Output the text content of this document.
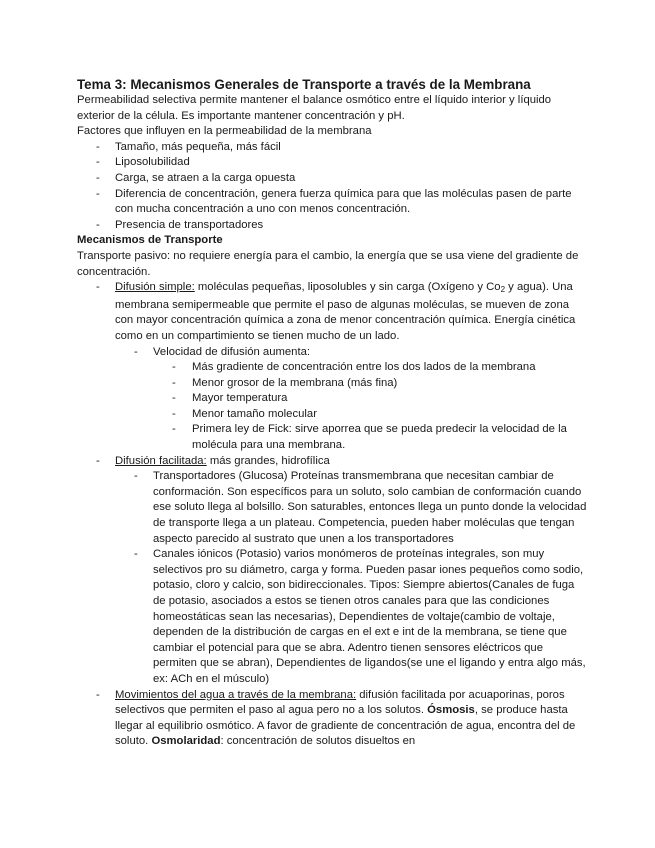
Tema 3: Mecanismos Generales de Transporte a través de la Membrana

Permeabilidad selectiva permite mantener el balance osmótico entre el líquido interior y líquido exterior de la célula. Es importante mantener concentración y pH.

Factores que influyen en la permeabilidad de la membrana

- Tamaño, más pequeña, más fácil
- Liposolubilidad
- Carga, se atraen a la carga opuesta
- Diferencia de concentración, genera fuerza química para que las moléculas pasen de parte con mucha concentración a uno con menos concentración.
- Presencia de transportadores

Mecanismos de Transporte

Transporte pasivo: no requiere energía para el cambio, la energía que se usa viene del gradiente de concentración.

- Difusión simple: moléculas pequeñas, liposolubles y sin carga (Oxígeno y $Co_2$ y agua). Una membrana semipermeable que permite el paso de algunas moléculas, se mueven de zona con mayor concentración química a zona de menor concentración química. Energía cinética como en un compartimiento se tienen mucho de un lado.
- Velocidad de difusión aumenta:
- Más gradiente de concentración entre los dos lados de la membrana
- Menor grosor de la membrana (más fina)
- Mayor temperatura
- Menor tamaño molecular
- Primera ley de Fick: sirve aporrea que se pueda predecir la velocidad de la molécula para una membrana.
- Difusión facilitada: más grandes, hidrofílica
- Transportadores (Glucosa) Proteínas transmembrana que necesitan cambiar de conformación. Son específicos para un soluto, solo cambian de conformación cuando ese soluto llega al bolsillo. Son saturables, entonces llega un punto donde la velocidad de transporte llega a un plateau. Competencia, pueden haber moléculas que tengan aspecto parecido al sustrato que unen a los transportadores
- Canales iónicos (Potasio) varios monómeros de proteínas integrales, son muy selectivos pro su diámetro, carga y forma. Pueden pasar iones pequeños como sodio, potasio, cloro y calcio, son bidireccionales. Tipos: Siempre abiertos(Canales de fuga de potasio, asociados a estos se tienen otros canales para que las condiciones homeostáticas sean las necesarias), Dependientes de voltaje(cambio de voltaje, dependen de la distribución de cargas en el ext e int de la membrana, se tiene que cambiar el potencial para que se abra. Adentro tienen sensores eléctricos que permiten que se abran), Dependientes de ligandos(se une el ligando y entra algo más, ex: ACh en el músculo)
- Movimientos del agua a través de la membrana: difusión facilitada por acuaporinas, poros selectivos que permiten el paso al agua pero no a los solutos. Ósmosis, se produce hasta llegar al equilibrio osmótico. A favor de gradiente de concentración de agua, encontra del de soluto. Osmolaridad: concentración de solutos disueltos en
